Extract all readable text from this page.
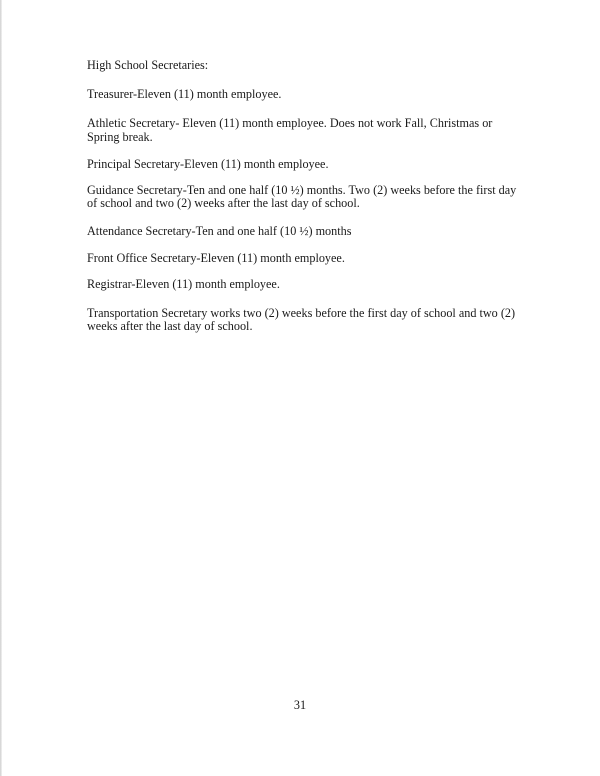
High School Secretaries:
Treasurer-Eleven (11) month employee.
Athletic Secretary- Eleven (11) month employee. Does not work Fall, Christmas or
Spring break.
Principal Secretary-Eleven (11) month employee.
Guidance Secretary-Ten and one half (10 ½) months. Two (2) weeks before the first day
of school and two (2) weeks after the last day of school.
Attendance Secretary-Ten and one half (10 ½) months
Front Office Secretary-Eleven (11) month employee.
Registrar-Eleven (11) month employee.
Transportation Secretary works two (2) weeks before the first day of school and two (2)
weeks after the last day of school.
31
